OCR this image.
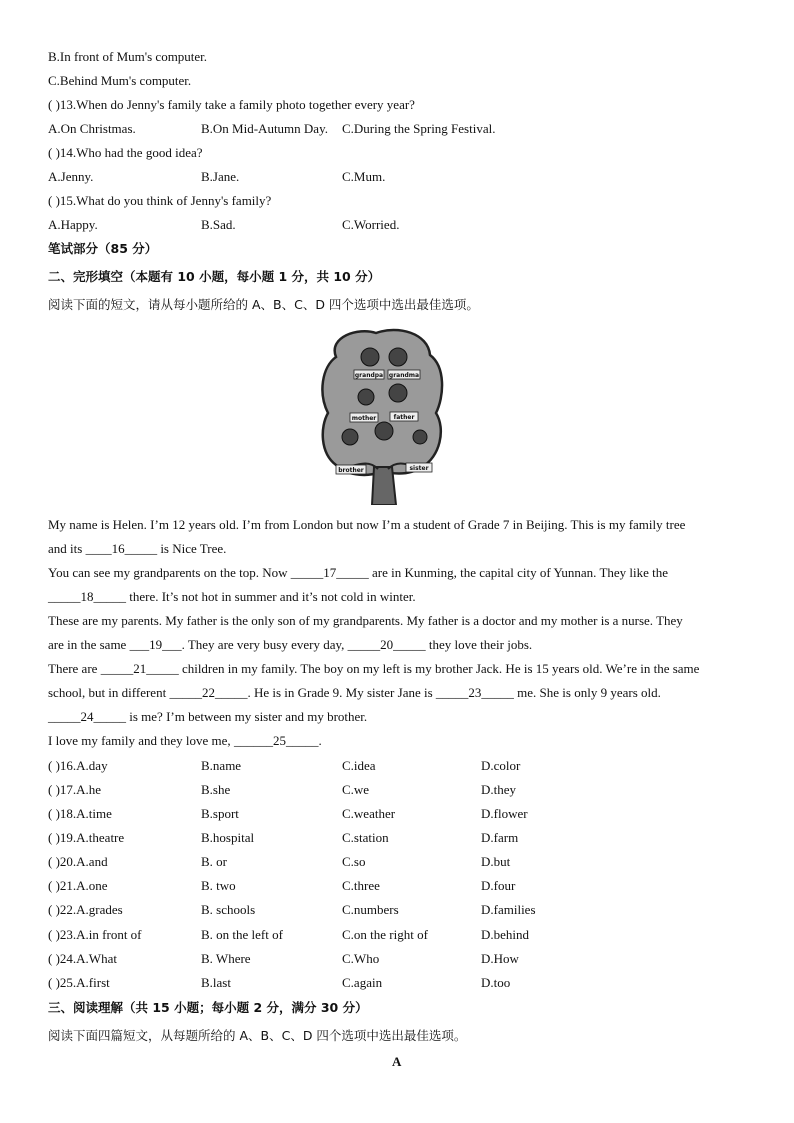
B.In front of Mum's computer.
C.Behind Mum's computer.
( )13.When do Jenny's family take a family photo together every year?
A.On Christmas.	B.On Mid-Autumn Day. C.During the Spring Festival.
( )14.Who had the good idea?
A.Jenny.	B.Jane.	C.Mum.
( )15.What do you think of Jenny's family?
A.Happy.	B.Sad.	C.Worried.
笔试部分（85 分）
二、完形填空（本题有 10 小题，每小题 1 分，共 10 分）
阅读下面的短文，请从每小题所给的 A、B、C、D 四个选项中选出最佳选项。
grandpa grandma
mother	father
brother	sister
My name is Helen. I’m 12 years old. I’m from London but now I’m a student of Grade 7 in Beijing. This is my family tree
and its ____16_____ is Nice Tree.
You can see my grandparents on the top. Now _____17_____ are in Kunming, the capital city of Yunnan. They like the
_____18_____ there. It’s not hot in summer and it’s not cold in winter.
These are my parents. My father is the only son of my grandparents. My father is a doctor and my mother is a nurse. They
are in the same ___19___. They are very busy every day, _____20_____ they love their jobs.
There are _____21_____ children in my family. The boy on my left is my brother Jack. He is 15 years old. We’re in the same
school, but in different _____22_____. He is in Grade 9. My sister Jane is _____23_____ me. She is only 9 years old.
_____24_____ is me? I’m between my sister and my brother.
I love my family and they love me, ______25_____.
( )16.A.day	B.name	C.idea	D.color
( )17.A.he	B.she	C.we	D.they
( )18.A.time	B.sport	C.weather	D.flower
( )19.A.theatre	B.hospital	C.station	D.farm
( )20.A.and	B. or	C.so	D.but
( )21.A.one	B. two	C.three	D.four
( )22.A.grades	B. schools	C.numbers	D.families
( )23.A.in front of	B. on the left of	C.on the right of	D.behind
( )24.A.What	B. Where	C.Who	D.How
( )25.A.first	B.last	C.again	D.too
三、阅读理解（共 15 小题；每小题 2 分，满分 30 分）
阅读下面四篇短文，从每题所给的 A、B、C、D 四个选项中选出最佳选项。
A
